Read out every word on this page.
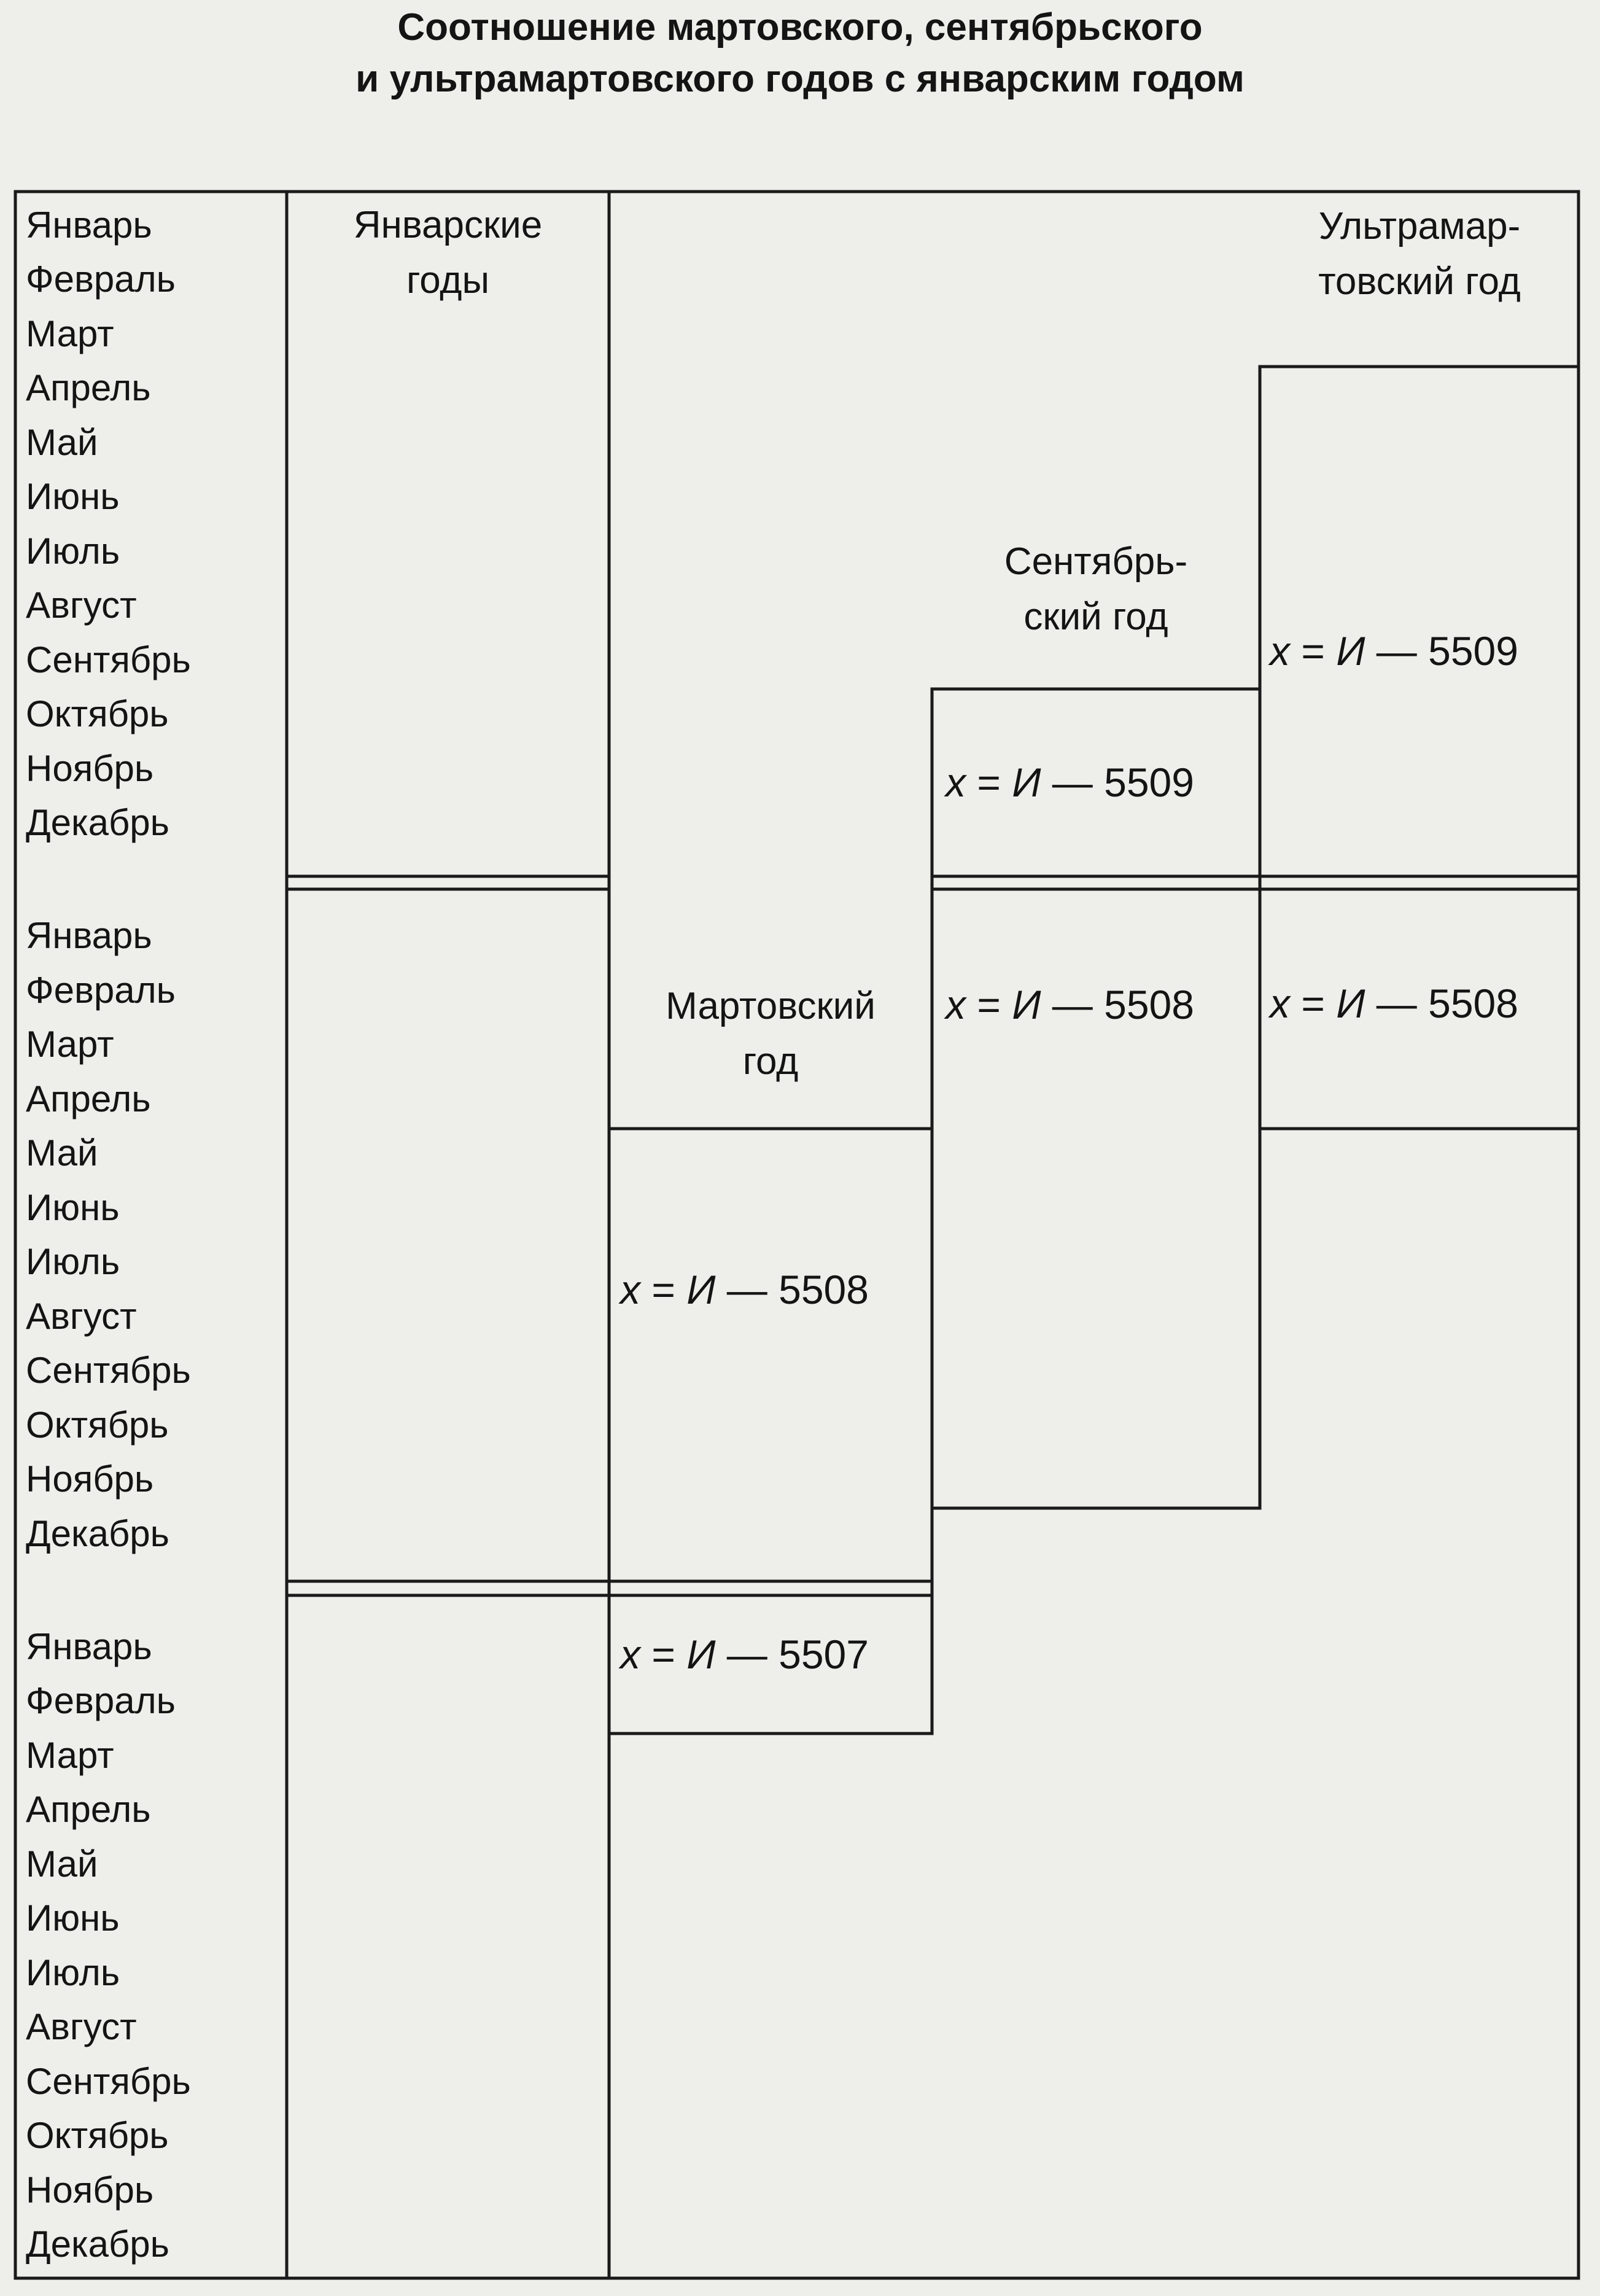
Соотношение мартовского, сентябрьского
и ультрамартовского годов с январским годом
Январь
Февраль
Март
Апрель
Май
Июнь
Июль
Август
Сентябрь
Октябрь
Ноябрь
Декабрь
Январь
Февраль
Март
Апрель
Май
Июнь
Июль
Август
Сентябрь
Октябрь
Ноябрь
Декабрь
Январь
Февраль
Март
Апрель
Май
Июнь
Июль
Август
Сентябрь
Октябрь
Ноябрь
Декабрь
Январские
годы
Мартовский
год
Сентябрь-
ский год
Ультрамар-
товский год
x = И — 5509
x = И — 5508
x = И — 5509
x = И — 5508
x = И — 5508
x = И — 5507
